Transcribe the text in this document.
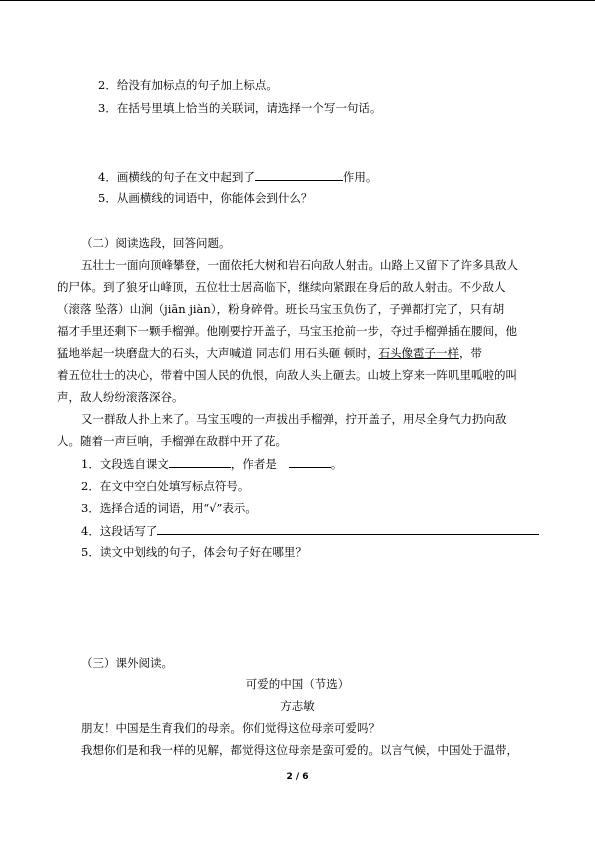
2．给没有加标点的句子加上标点。
3．在括号里填上恰当的关联词，请选择一个写一句话。
4．画横线的句子在文中起到了	作用。
5．从画横线的词语中，你能体会到什么？
（二）阅读选段，回答问题。
五壮士一面向顶峰攀登，一面依托大树和岩石向敌人射击。山路上又留下了许多具敌人
的尸体。到了狼牙山峰顶，五位壮士居高临下，继续向紧跟在身后的敌人射击。不少敌人
（滚落 坠落）山涧（jiān jiàn），粉身碎骨。班长马宝玉负伤了，子弹都打完了，只有胡
福才手里还剩下一颗手榴弹。他刚要拧开盖子，马宝玉抢前一步，夺过手榴弹插在腰间，他
猛地举起一块磨盘大的石头，大声喊道 同志们 用石头砸 顿时，石头像雹子一样，带
着五位壮士的决心，带着中国人民的仇恨，向敌人头上砸去。山坡上穿来一阵叽里呱啦的叫
声，敌人纷纷滚落深谷。
又一群敌人扑上来了。马宝玉嗖的一声拔出手榴弹，拧开盖子，用尽全身气力扔向敌
人。随着一声巨响，手榴弹在敌群中开了花。
1．文段选自课文	，作者是	。
2．在文中空白处填写标点符号。
3．选择合适的词语，用“√”表示。
4．这段话写了
5．读文中划线的句子，体会句子好在哪里？
（三）课外阅读。
可爱的中国（节选）
方志敏
朋友！中国是生育我们的母亲。你们觉得这位母亲可爱吗？
我想你们是和我一样的见解，都觉得这位母亲是蛮可爱的。以言气候，中国处于温带，
2 / 6
